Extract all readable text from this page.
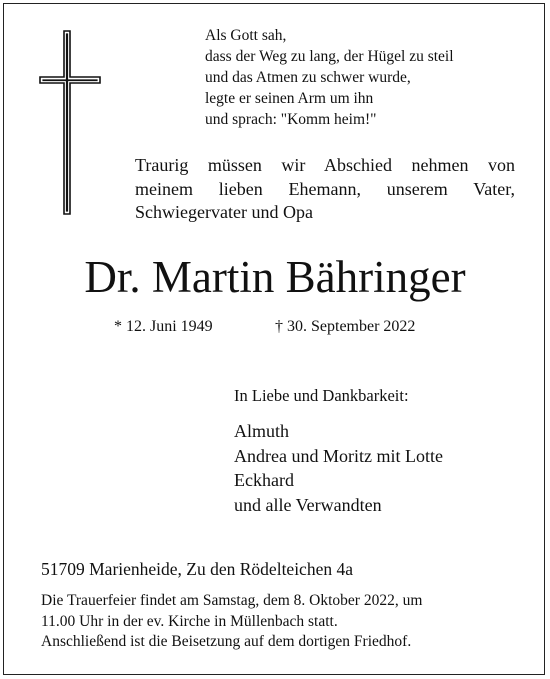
Als Gott sah,
dass der Weg zu lang, der Hügel zu steil
und das Atmen zu schwer wurde,
legte er seinen Arm um ihn
und sprach: "Komm heim!"
Traurig müssen wir Abschied nehmen von
meinem lieben Ehemann, unserem Vater,
Schwiegervater und Opa
Dr. Martin Bähringer
* 12. Juni 1949	† 30. September 2022
In Liebe und Dankbarkeit:
Almuth
Andrea und Moritz mit Lotte
Eckhard
und alle Verwandten
51709 Marienheide, Zu den Rödelteichen 4a
Die Trauerfeier findet am Samstag, dem 8. Oktober 2022, um
11.00 Uhr in der ev. Kirche in Müllenbach statt.
Anschließend ist die Beisetzung auf dem dortigen Friedhof.
